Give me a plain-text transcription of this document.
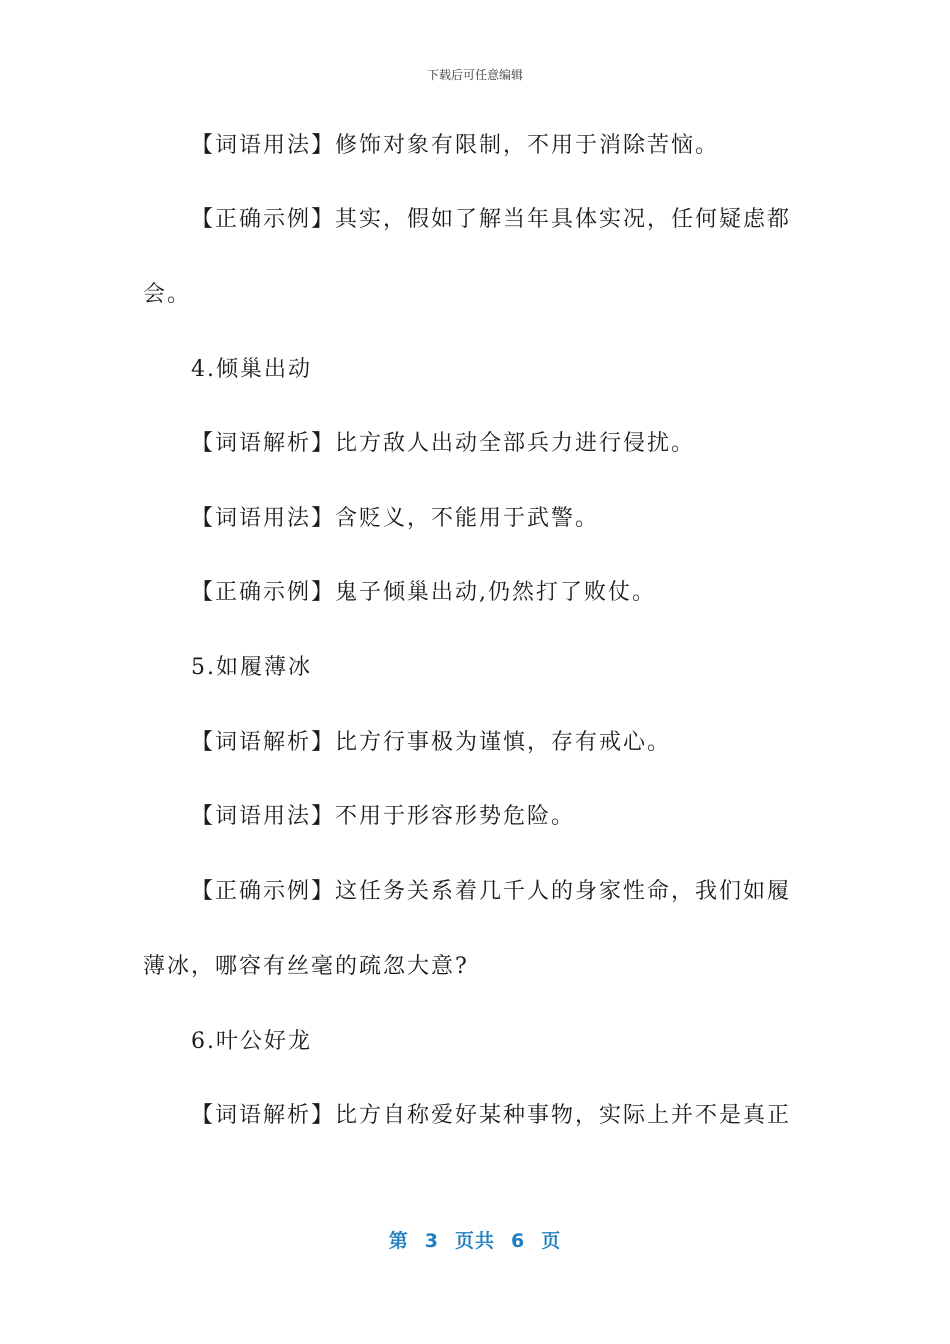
下载后可任意编辑
【词语用法】修饰对象有限制，不用于消除苦恼。
【正确示例】其实，假如了解当年具体实况，任何疑虑都
会。
4.倾巢出动
【词语解析】比方敌人出动全部兵力进行侵扰。
【词语用法】含贬义，不能用于武警。
【正确示例】鬼子倾巢出动,仍然打了败仗。
5.如履薄冰
【词语解析】比方行事极为谨慎，存有戒心。
【词语用法】不用于形容形势危险。
【正确示例】这任务关系着几千人的身家性命，我们如履
薄冰，哪容有丝毫的疏忽大意?
6.叶公好龙
【词语解析】比方自称爱好某种事物，实际上并不是真正
第 3 页共 6 页
